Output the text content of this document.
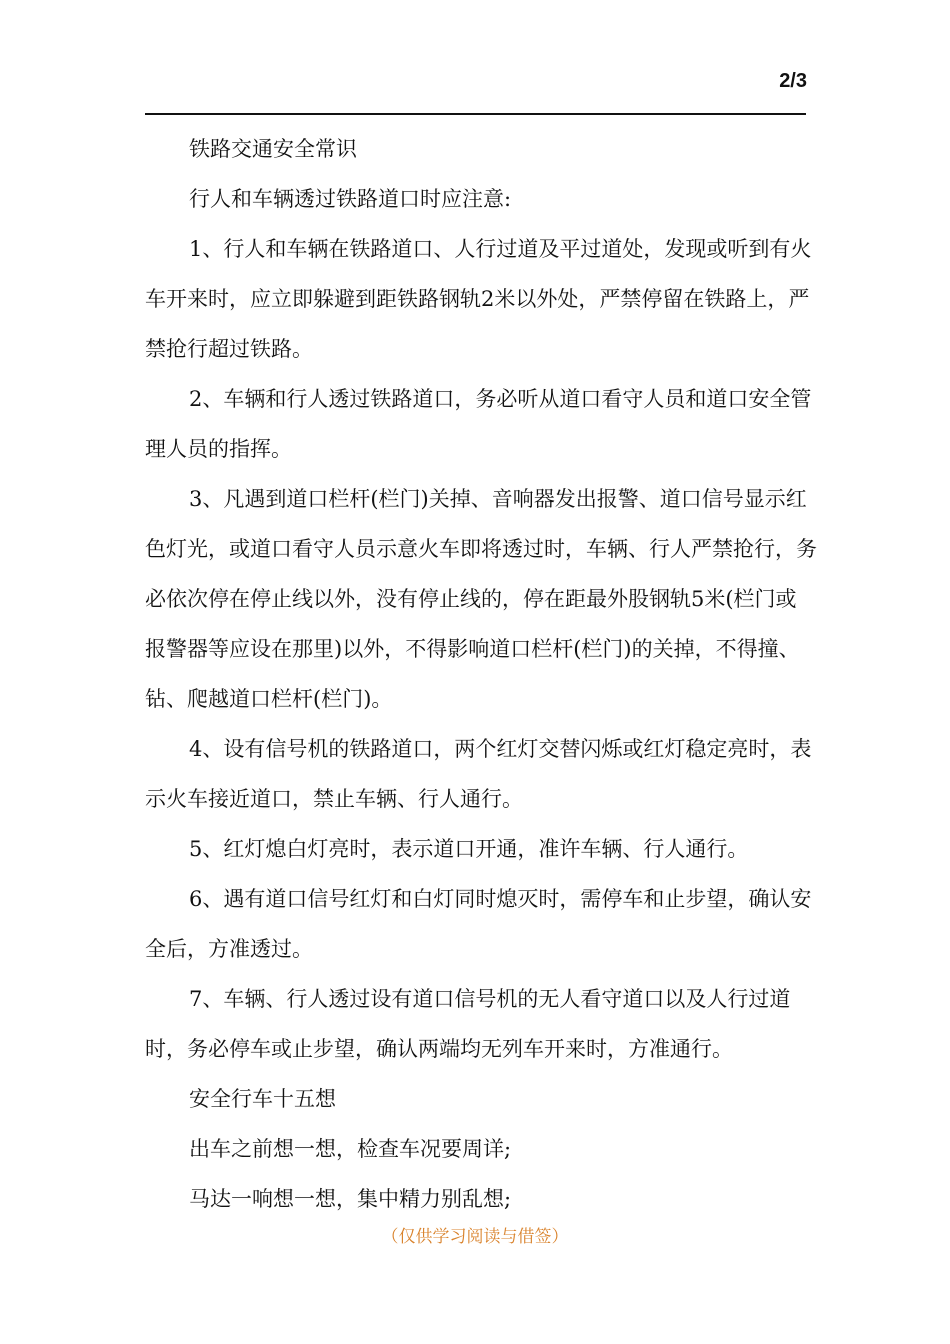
2/3

铁路交通安全常识

行人和车辆透过铁路道口时应注意:

1、行人和车辆在铁路道口、人行过道及平过道处，发现或听到有火车开来时，应立即躲避到距铁路钢轨2米以外处，严禁停留在铁路上，严禁抢行超过铁路。

2、车辆和行人透过铁路道口，务必听从道口看守人员和道口安全管理人员的指挥。

3、凡遇到道口栏杆(栏门)关掉、音响器发出报警、道口信号显示红色灯光，或道口看守人员示意火车即将透过时，车辆、行人严禁抢行，务必依次停在停止线以外，没有停止线的，停在距最外股钢轨5米(栏门或报警器等应设在那里)以外，不得影响道口栏杆(栏门)的关掉，不得撞、钻、爬越道口栏杆(栏门)。

4、设有信号机的铁路道口，两个红灯交替闪烁或红灯稳定亮时，表示火车接近道口，禁止车辆、行人通行。

5、红灯熄白灯亮时，表示道口开通，准许车辆、行人通行。

6、遇有道口信号红灯和白灯同时熄灭时，需停车和止步望，确认安全后，方准透过。

7、车辆、行人透过设有道口信号机的无人看守道口以及人行过道时，务必停车或止步望，确认两端均无列车开来时，方准通行。

安全行车十五想

出车之前想一想，检查车况要周详;

马达一响想一想，集中精力别乱想;

（仅供学习阅读与借签）
